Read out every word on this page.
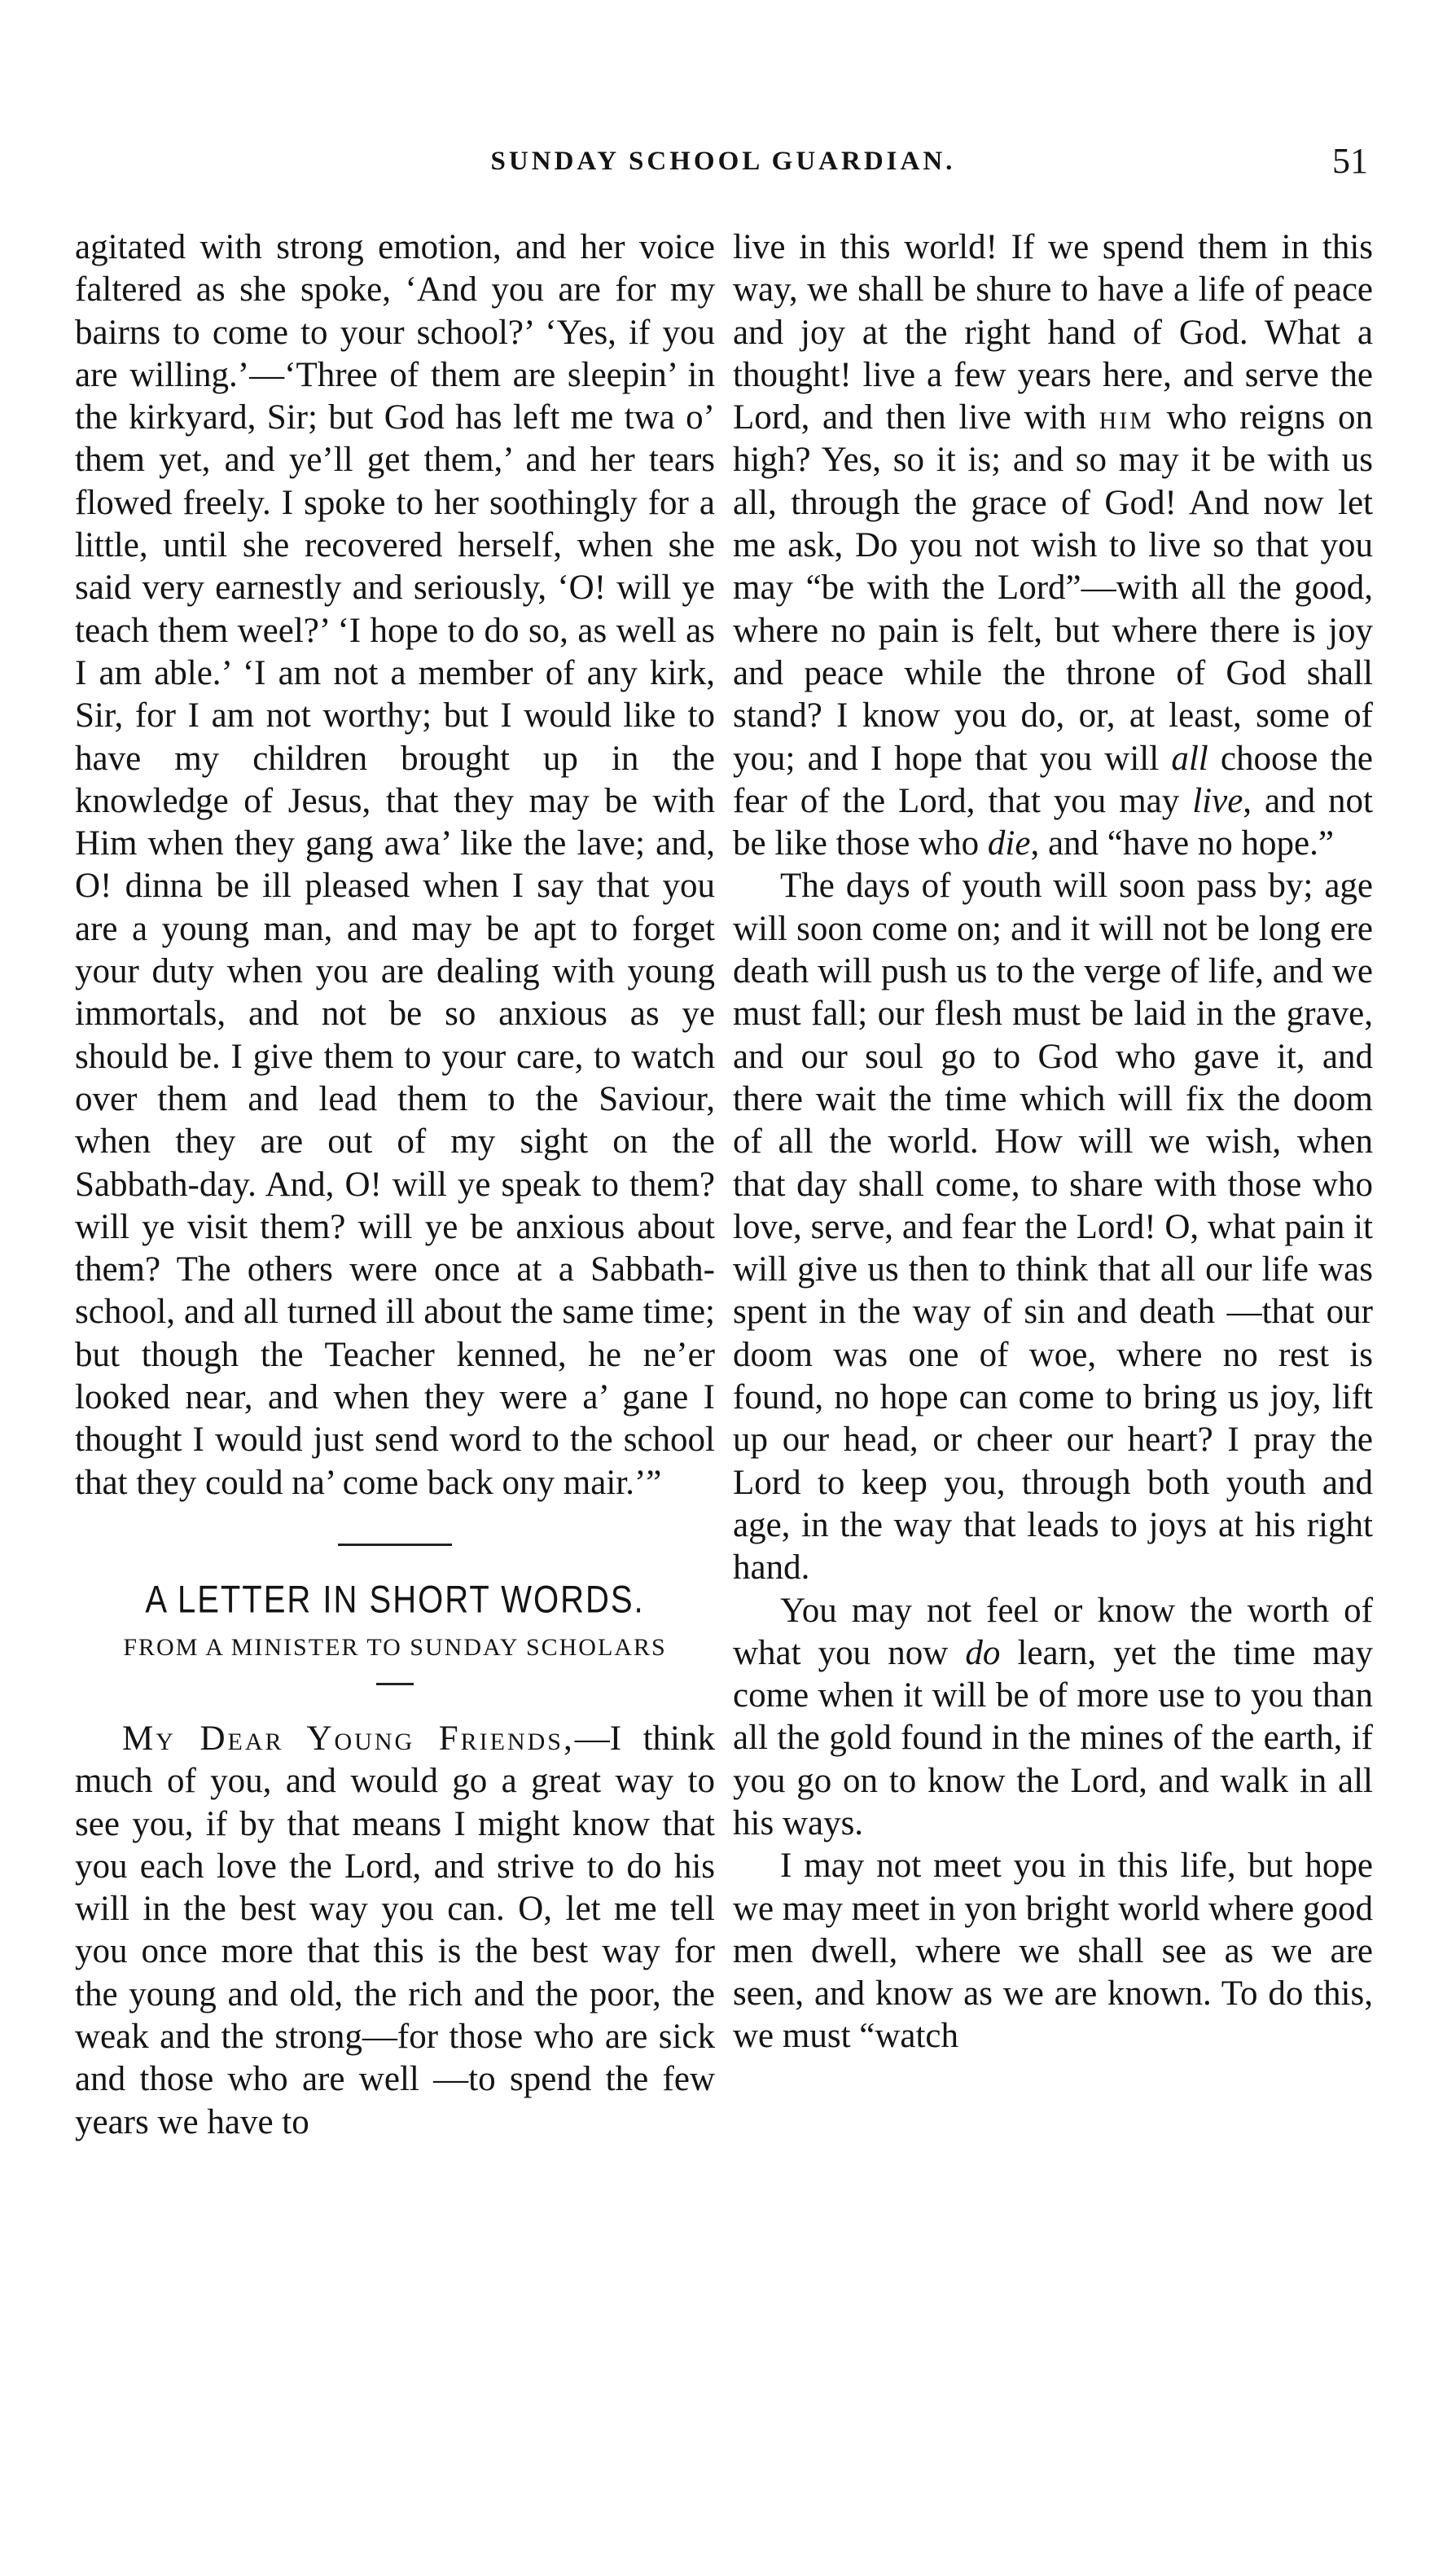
SUNDAY SCHOOL GUARDIAN.	51

agitated with strong emotion, and her voice faltered as she spoke, ‘And you are for my bairns to come to your school?’ ‘Yes, if you are willing.’—‘Three of them are sleepin’ in the kirkyard, Sir; but God has left me twa o’ them yet, and ye’ll get them,’ and her tears flowed freely. I spoke to her soothingly for a little, until she recovered herself, when she said very earnestly and seriously, ‘O! will ye teach them weel?’ ‘I hope to do so, as well as I am able.’ ‘I am not a member of any kirk, Sir, for I am not worthy; but I would like to have my children brought up in the knowledge of Jesus, that they may be with Him when they gang awa’ like the lave; and, O! dinna be ill pleased when I say that you are a young man, and may be apt to forget your duty when you are dealing with young immortals, and not be so anxious as ye should be. I give them to your care, to watch over them and lead them to the Saviour, when they are out of my sight on the Sabbath-day. And, O! will ye speak to them? will ye visit them? will ye be anxious about them? The others were once at a Sabbath-school, and all turned ill about the same time; but though the Teacher kenned, he ne’er looked near, and when they were a’ gane I thought I would just send word to the school that they could na’ come back ony mair.’”

A LETTER IN SHORT WORDS.

FROM A MINISTER TO SUNDAY SCHOLARS

My Dear Young Friends,—I think much of you, and would go a great way to see you, if by that means I might know that you each love the Lord, and strive to do his will in the best way you can. O, let me tell you once more that this is the best way for the young and old, the rich and the poor, the weak and the strong—for those who are sick and those who are well —to spend the few years we have to

live in this world! If we spend them in this way, we shall be shure to have a life of peace and joy at the right hand of God. What a thought! live a few years here, and serve the Lord, and then live with him who reigns on high? Yes, so it is; and so may it be with us all, through the grace of God! And now let me ask, Do you not wish to live so that you may “be with the Lord”—with all the good, where no pain is felt, but where there is joy and peace while the throne of God shall stand? I know you do, or, at least, some of you; and I hope that you will all choose the fear of the Lord, that you may live, and not be like those who die, and “have no hope.”

The days of youth will soon pass by; age will soon come on; and it will not be long ere death will push us to the verge of life, and we must fall; our flesh must be laid in the grave, and our soul go to God who gave it, and there wait the time which will fix the doom of all the world. How will we wish, when that day shall come, to share with those who love, serve, and fear the Lord! O, what pain it will give us then to think that all our life was spent in the way of sin and death —that our doom was one of woe, where no rest is found, no hope can come to bring us joy, lift up our head, or cheer our heart? I pray the Lord to keep you, through both youth and age, in the way that leads to joys at his right hand.

You may not feel or know the worth of what you now do learn, yet the time may come when it will be of more use to you than all the gold found in the mines of the earth, if you go on to know the Lord, and walk in all his ways.

I may not meet you in this life, but hope we may meet in yon bright world where good men dwell, where we shall see as we are seen, and know as we are known. To do this, we must “watch
